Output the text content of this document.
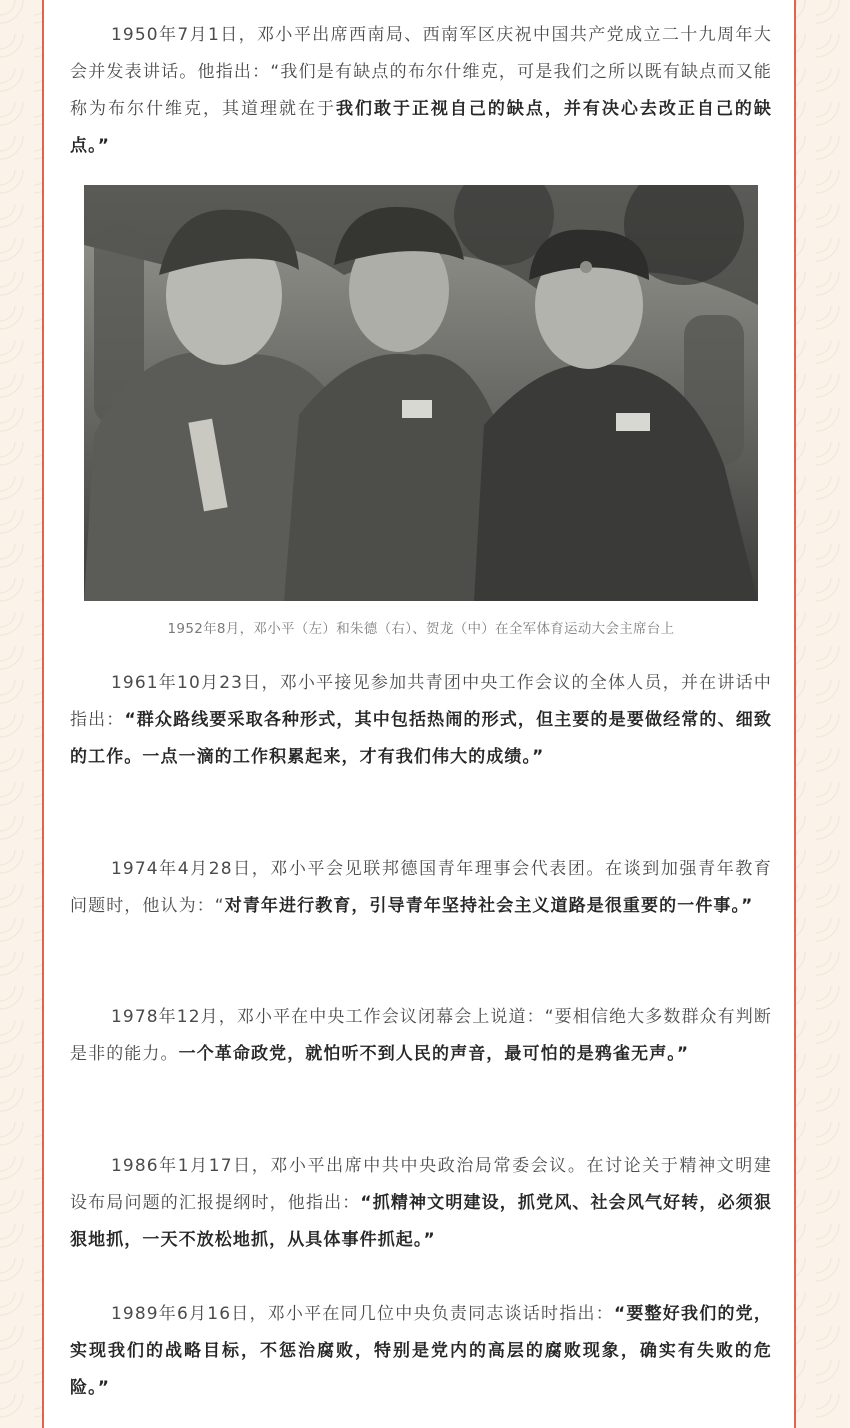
1950年7月1日，邓小平出席西南局、西南军区庆祝中国共产党成立二十九周年大会并发表讲话。他指出：“我们是有缺点的布尔什维克，可是我们之所以既有缺点而又能称为布尔什维克，其道理就在于我们敢于正视自己的缺点，并有决心去改正自己的缺点。”

1952年8月，邓小平（左）和朱德（右）、贺龙（中）在全军体育运动大会主席台上

1961年10月23日，邓小平接见参加共青团中央工作会议的全体人员，并在讲话中指出：“群众路线要采取各种形式，其中包括热闹的形式，但主要的是要做经常的、细致的工作。一点一滴的工作积累起来，才有我们伟大的成绩。”

1974年4月28日，邓小平会见联邦德国青年理事会代表团。在谈到加强青年教育问题时，他认为：“对青年进行教育，引导青年坚持社会主义道路是很重要的一件事。”

1978年12月，邓小平在中央工作会议闭幕会上说道：“要相信绝大多数群众有判断是非的能力。一个革命政党，就怕听不到人民的声音，最可怕的是鸦雀无声。”

1986年1月17日，邓小平出席中共中央政治局常委会议。在讨论关于精神文明建设布局问题的汇报提纲时，他指出：“抓精神文明建设，抓党风、社会风气好转，必须狠狠地抓，一天不放松地抓，从具体事件抓起。”

1989年6月16日，邓小平在同几位中央负责同志谈话时指出：“要整好我们的党，实现我们的战略目标，不惩治腐败，特别是党内的高层的腐败现象，确实有失败的危险。”
